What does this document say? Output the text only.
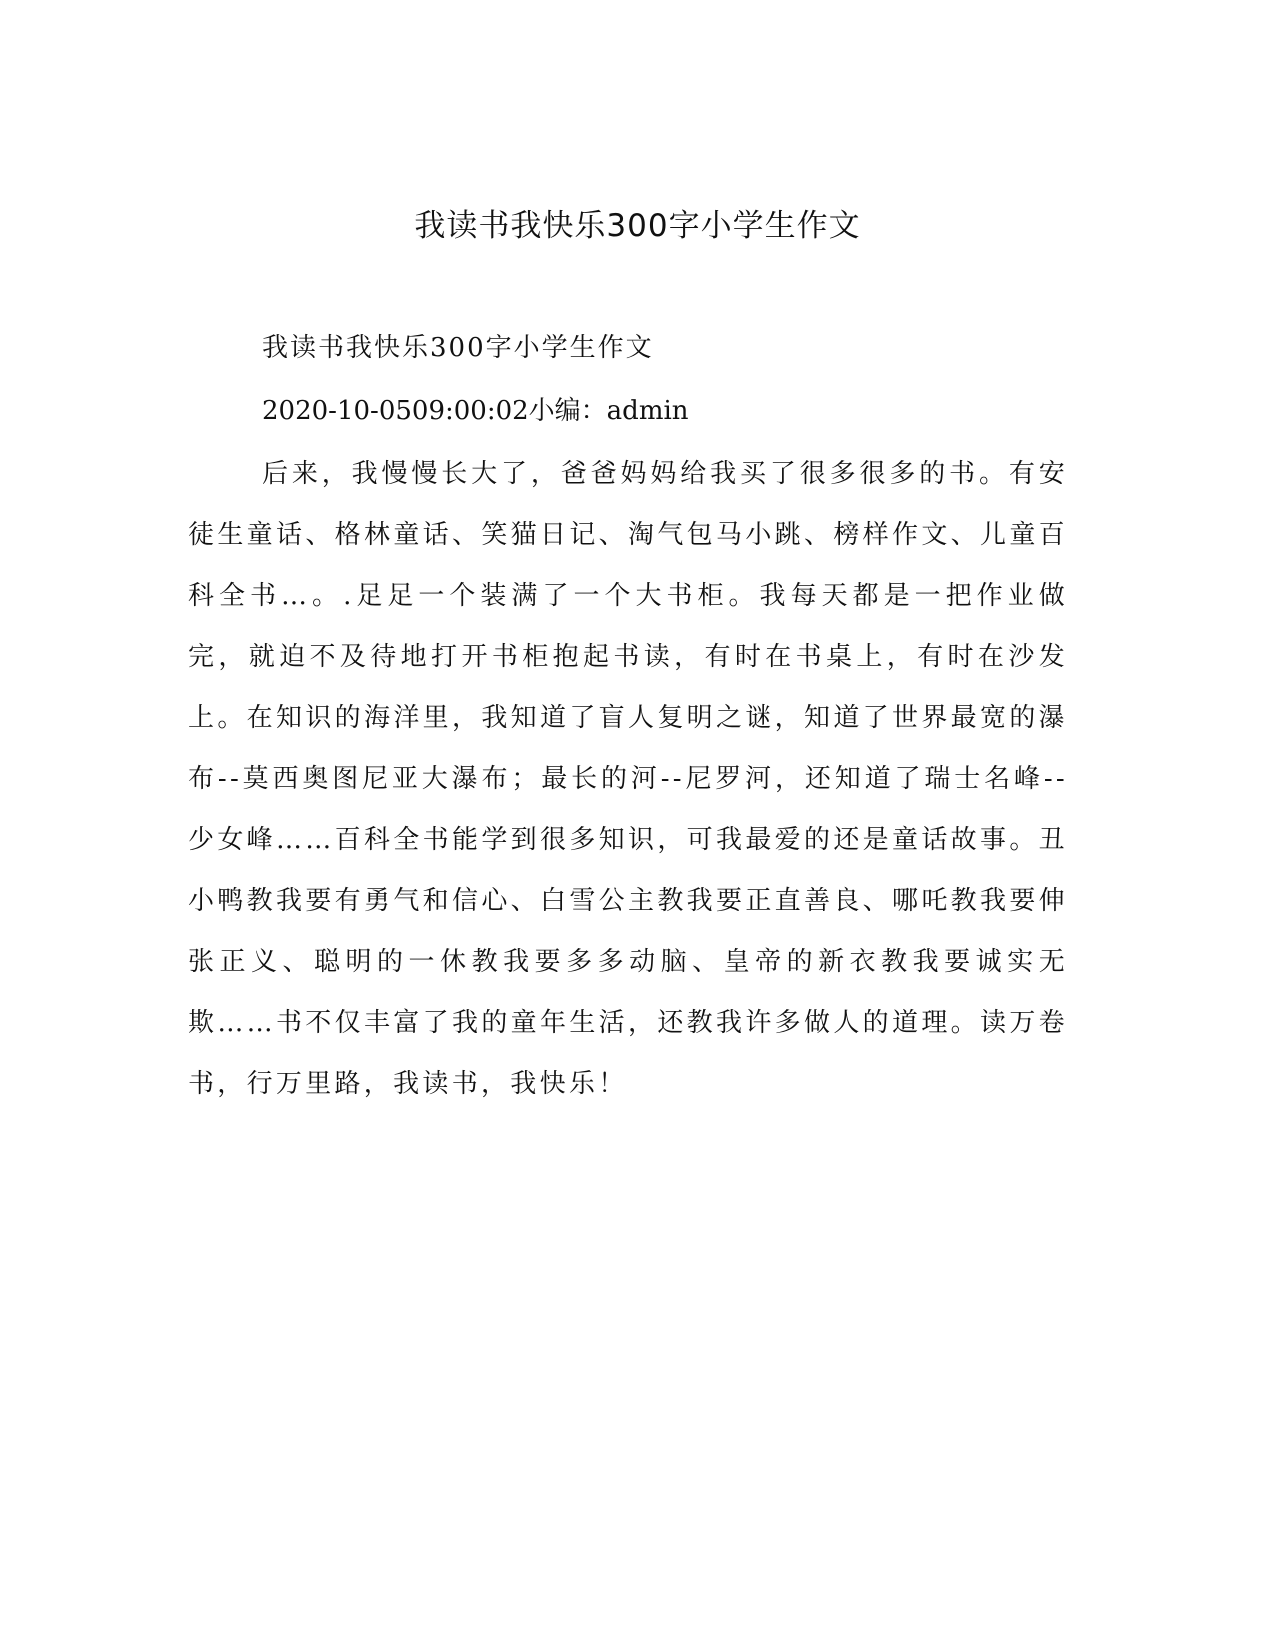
我读书我快乐300字小学生作文

我读书我快乐300字小学生作文

2020-10-0509:00:02小编：admin

后来，我慢慢长大了，爸爸妈妈给我买了很多很多的书。有安徒生童话、格林童话、笑猫日记、淘气包马小跳、榜样作文、儿童百科全书…。.足足一个装满了一个大书柜。我每天都是一把作业做完，就迫不及待地打开书柜抱起书读，有时在书桌上，有时在沙发上。在知识的海洋里，我知道了盲人复明之谜，知道了世界最宽的瀑布--莫西奥图尼亚大瀑布；最长的河--尼罗河，还知道了瑞士名峰--少女峰……百科全书能学到很多知识，可我最爱的还是童话故事。丑小鸭教我要有勇气和信心、白雪公主教我要正直善良、哪吒教我要伸张正义、聪明的一休教我要多多动脑、皇帝的新衣教我要诚实无欺……书不仅丰富了我的童年生活，还教我许多做人的道理。读万卷书，行万里路，我读书，我快乐！
